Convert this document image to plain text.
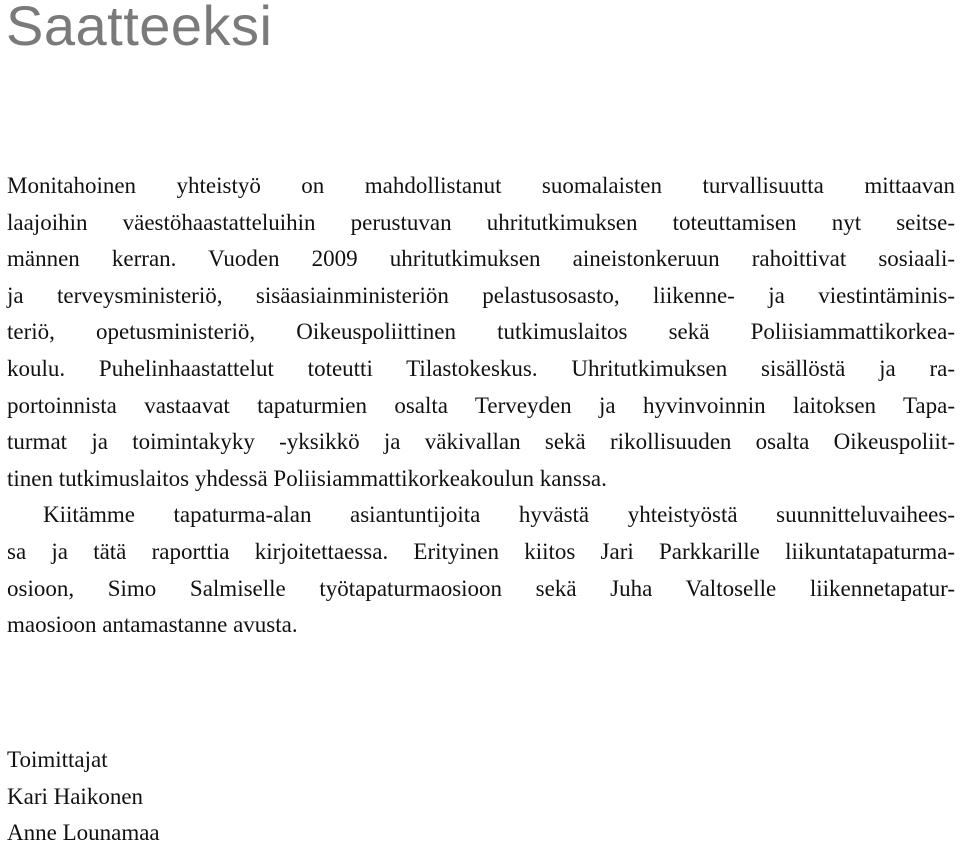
Saatteeksi

Monitahoinen yhteistyö on mahdollistanut suomalaisten turvallisuutta mittaavan
laajoihin väestöhaastatteluihin perustuvan uhritutkimuksen toteuttamisen nyt seitse-
männen kerran. Vuoden 2009 uhritutkimuksen aineistonkeruun rahoittivat sosiaali-
ja terveysministeriö, sisäasiainministeriön pelastusosasto, liikenne- ja viestintäminis-
teriö, opetusministeriö, Oikeuspoliittinen tutkimuslaitos sekä Poliisiammattikorkea-
koulu. Puhelinhaastattelut toteutti Tilastokeskus. Uhritutkimuksen sisällöstä ja ra-
portoinnista vastaavat tapaturmien osalta Terveyden ja hyvinvoinnin laitoksen Tapa-
turmat ja toimintakyky -yksikkö ja väkivallan sekä rikollisuuden osalta Oikeuspoliit-
tinen tutkimuslaitos yhdessä Poliisiammattikorkeakoulun kanssa.

Kiitämme tapaturma-alan asiantuntijoita hyvästä yhteistyöstä suunnitteluvaihees-
sa ja tätä raporttia kirjoitettaessa. Erityinen kiitos Jari Parkkarille liikuntatapaturma-
osioon, Simo Salmiselle työtapaturmaosioon sekä Juha Valtoselle liikennetapatur-
maosioon antamastanne avusta.

Toimittajat
Kari Haikonen
Anne Lounamaa
